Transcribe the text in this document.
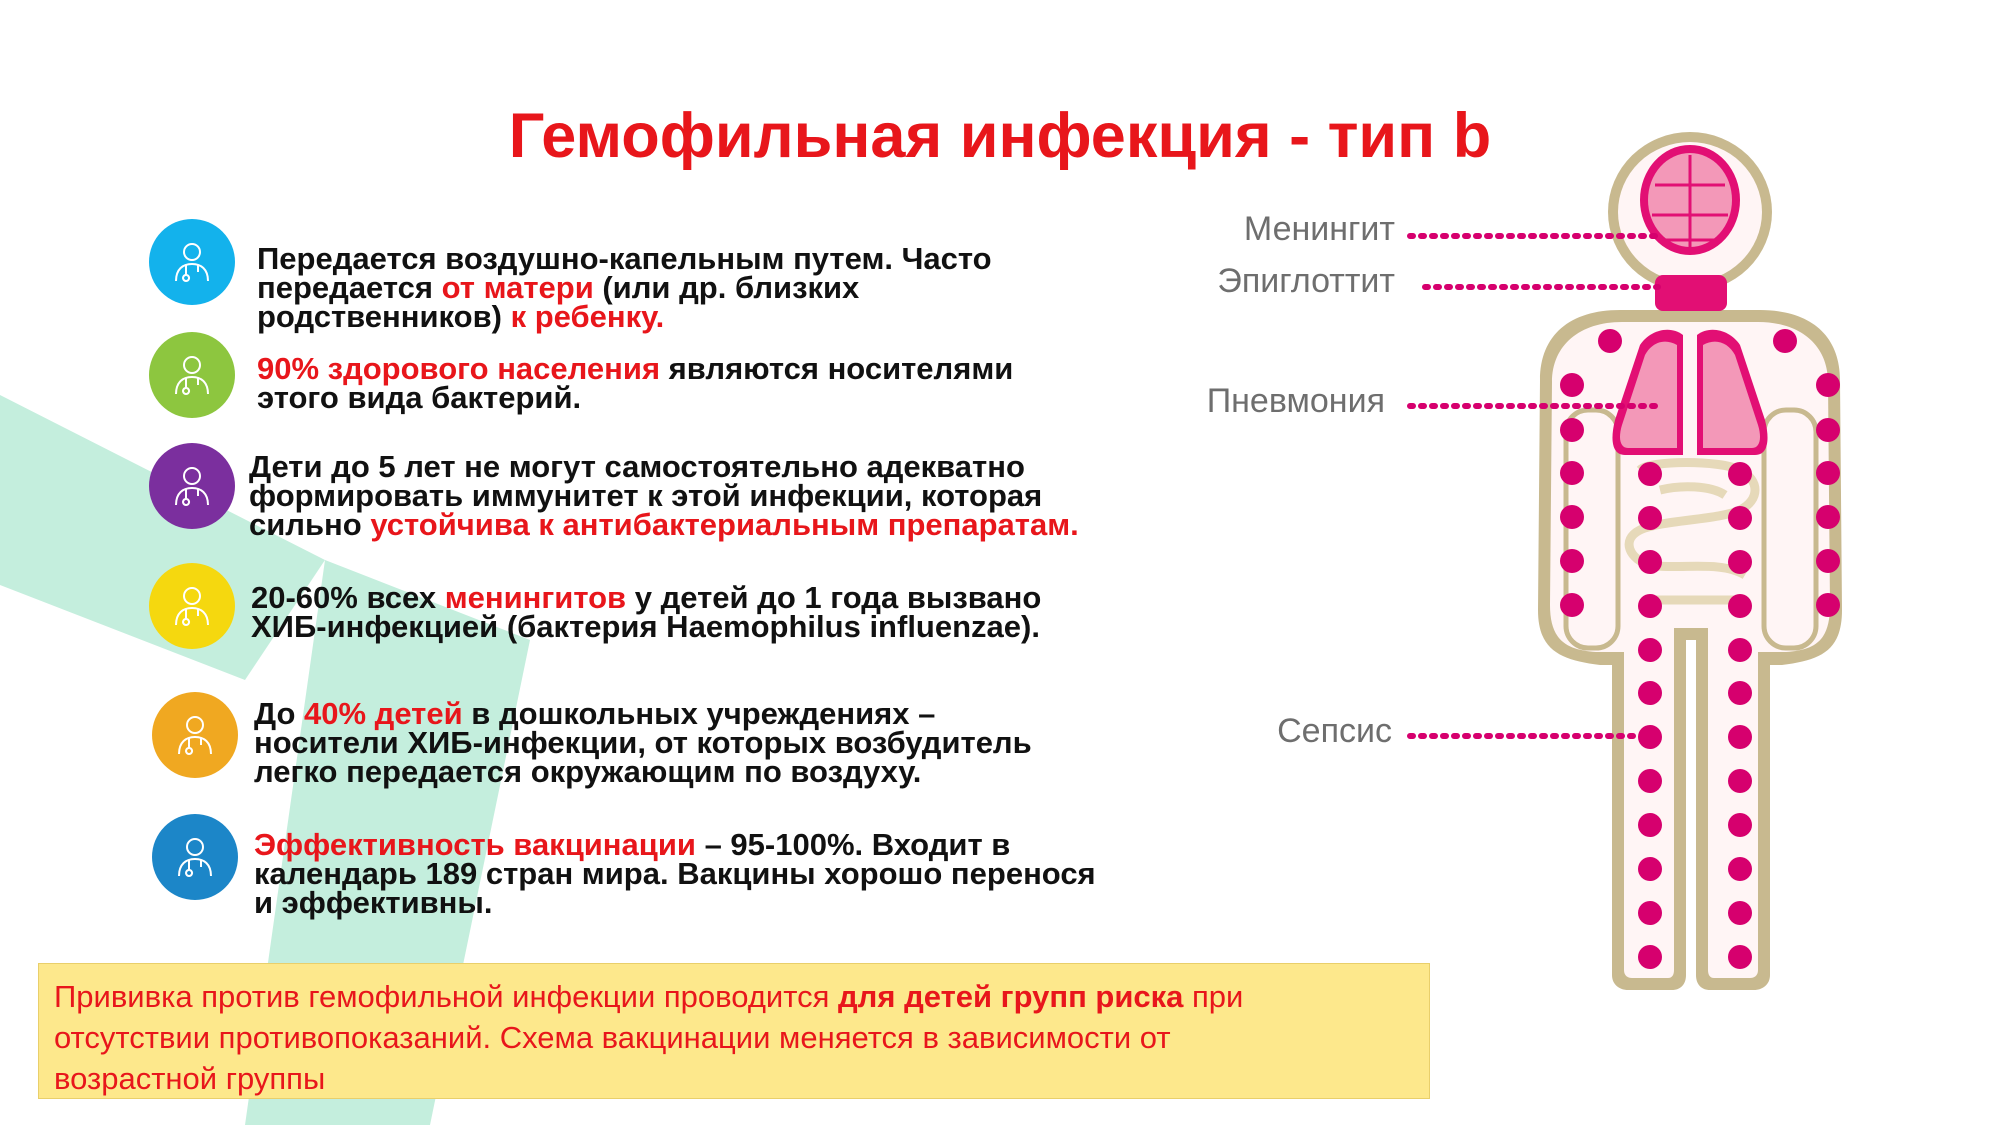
Гемофильная инфекция - тип b
Передается воздушно-капельным путем. Часто
передается от матери (или др. близких
родственников) к ребенку.
90% здорового населения являются носителями
этого вида бактерий.
Дети до 5 лет не могут самостоятельно адекватно
формировать иммунитет к этой инфекции, которая
сильно устойчива к антибактериальным препаратам.
20-60% всех менингитов у детей до 1 года вызвано
ХИБ-инфекцией (бактерия Haemophilus influenzae).
До 40% детей в дошкольных учреждениях –
носители ХИБ-инфекции, от которых возбудитель
легко передается окружающим по воздуху.
Эффективность вакцинации – 95-100%. Входит в
календарь 189 стран мира. Вакцины хорошо перенося
и эффективны.
Прививка против гемофильной инфекции проводится для детей групп риска при
отсутствии противопоказаний. Схема вакцинации меняется в зависимости от
возрастной группы
Менингит
Эпиглоттит
Пневмония
Сепсис
